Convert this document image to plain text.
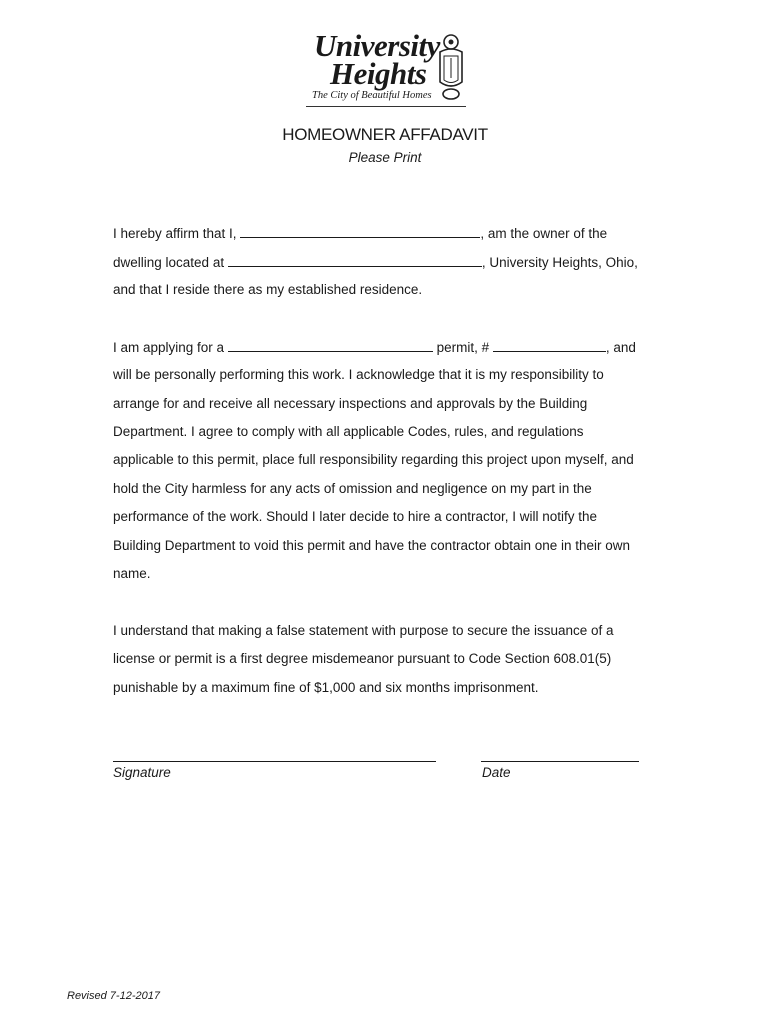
University
Heights
The City of Beautiful Homes
HOMEOWNER AFFADAVIT
Please Print
I hereby affirm that I,	, am the owner of the
dwelling located at	, University Heights, Ohio,
and that I reside there as my established residence.
I am applying for a	permit, #	, and
will be personally performing this work. I acknowledge that it is my responsibility to
arrange for and receive all necessary inspections and approvals by the Building
Department. I agree to comply with all applicable Codes, rules, and regulations
applicable to this permit, place full responsibility regarding this project upon myself, and
hold the City harmless for any acts of omission and negligence on my part in the
performance of the work. Should I later decide to hire a contractor, I will notify the
Building Department to void this permit and have the contractor obtain one in their own
name.
I understand that making a false statement with purpose to secure the issuance of a
license or permit is a first degree misdemeanor pursuant to Code Section 608.01(5)
punishable by a maximum fine of $1,000 and six months imprisonment.
Signature	Date
Revised 7-12-2017
